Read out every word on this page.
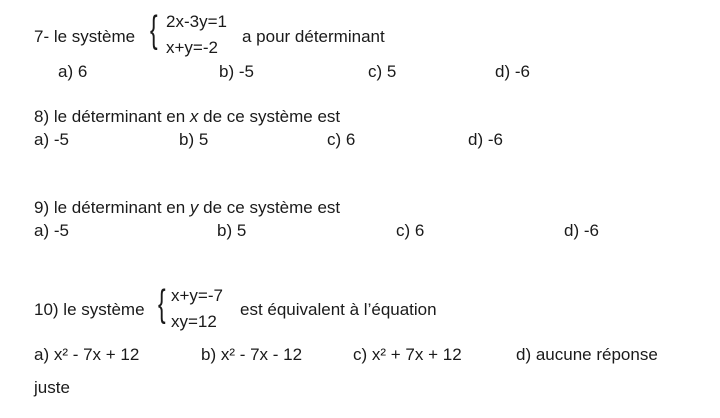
7- le système { 2x-3y=1
x+y=-2
a pour déterminant
a) 6	b) -5	c) 5	d) -6
8) le déterminant en x de ce système est
a) -5	b) 5	c) 6	d) -6
9) le déterminant en y de ce système est
a) -5	b) 5	c) 6	d) -6
10) le système { x+y=-7
xy=12
est équivalent à l’équation
a) x² - 7x + 12	b) x² - 7x - 12	c) x² + 7x + 12	d) aucune réponse
juste
